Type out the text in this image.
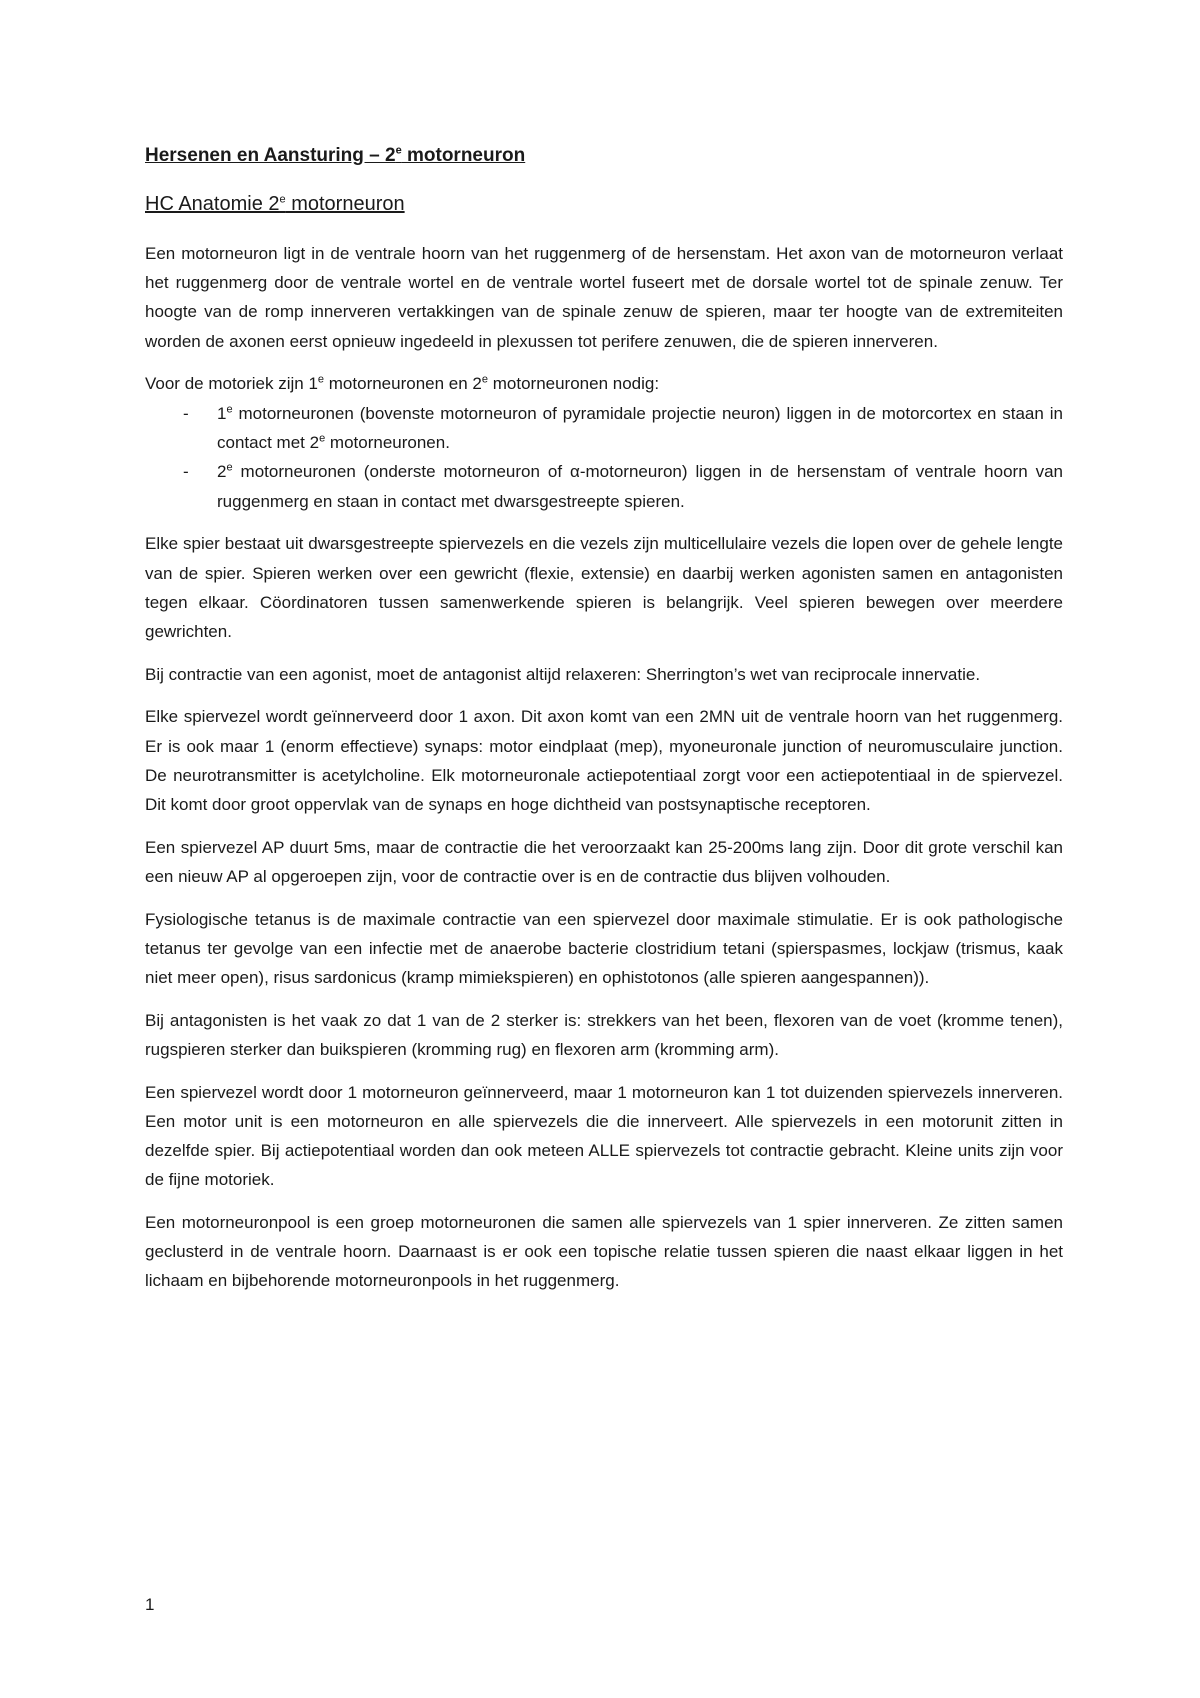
Hersenen en Aansturing – 2e motorneuron
HC Anatomie 2e motorneuron

Een motorneuron ligt in de ventrale hoorn van het ruggenmerg of de hersenstam. Het axon van de motorneuron verlaat het ruggenmerg door de ventrale wortel en de ventrale wortel fuseert met de dorsale wortel tot de spinale zenuw. Ter hoogte van de romp innerveren vertakkingen van de spinale zenuw de spieren, maar ter hoogte van de extremiteiten worden de axonen eerst opnieuw ingedeeld in plexussen tot perifere zenuwen, die de spieren innerveren.

Voor de motoriek zijn 1e motorneuronen en 2e motorneuronen nodig:

- 1e motorneuronen (bovenste motorneuron of pyramidale projectie neuron) liggen in de motorcortex en staan in contact met 2e motorneuronen.
- 2e motorneuronen (onderste motorneuron of α-motorneuron) liggen in de hersenstam of ventrale hoorn van ruggenmerg en staan in contact met dwarsgestreepte spieren.

Elke spier bestaat uit dwarsgestreepte spiervezels en die vezels zijn multicellulaire vezels die lopen over de gehele lengte van de spier. Spieren werken over een gewricht (flexie, extensie) en daarbij werken agonisten samen en antagonisten tegen elkaar. Cöordinatoren tussen samenwerkende spieren is belangrijk. Veel spieren bewegen over meerdere gewrichten.

Bij contractie van een agonist, moet de antagonist altijd relaxeren: Sherrington’s wet van reciprocale innervatie.

Elke spiervezel wordt geïnnerveerd door 1 axon. Dit axon komt van een 2MN uit de ventrale hoorn van het ruggenmerg. Er is ook maar 1 (enorm effectieve) synaps: motor eindplaat (mep), myoneuronale junction of neuromusculaire junction. De neurotransmitter is acetylcholine. Elk motorneuronale actiepotentiaal zorgt voor een actiepotentiaal in de spiervezel. Dit komt door groot oppervlak van de synaps en hoge dichtheid van postsynaptische receptoren.

Een spiervezel AP duurt 5ms, maar de contractie die het veroorzaakt kan 25-200ms lang zijn. Door dit grote verschil kan een nieuw AP al opgeroepen zijn, voor de contractie over is en de contractie dus blijven volhouden.

Fysiologische tetanus is de maximale contractie van een spiervezel door maximale stimulatie. Er is ook pathologische tetanus ter gevolge van een infectie met de anaerobe bacterie clostridium tetani (spierspasmes, lockjaw (trismus, kaak niet meer open), risus sardonicus (kramp mimiekspieren) en ophistotonos (alle spieren aangespannen)).

Bij antagonisten is het vaak zo dat 1 van de 2 sterker is: strekkers van het been, flexoren van de voet (kromme tenen), rugspieren sterker dan buikspieren (kromming rug) en flexoren arm (kromming arm).

Een spiervezel wordt door 1 motorneuron geïnnerveerd, maar 1 motorneuron kan 1 tot duizenden spiervezels innerveren. Een motor unit is een motorneuron en alle spiervezels die die innerveert. Alle spiervezels in een motorunit zitten in dezelfde spier. Bij actiepotentiaal worden dan ook meteen ALLE spiervezels tot contractie gebracht. Kleine units zijn voor de fijne motoriek.

Een motorneuronpool is een groep motorneuronen die samen alle spiervezels van 1 spier innerveren. Ze zitten samen geclusterd in de ventrale hoorn. Daarnaast is er ook een topische relatie tussen spieren die naast elkaar liggen in het lichaam en bijbehorende motorneuronpools in het ruggenmerg.

1
